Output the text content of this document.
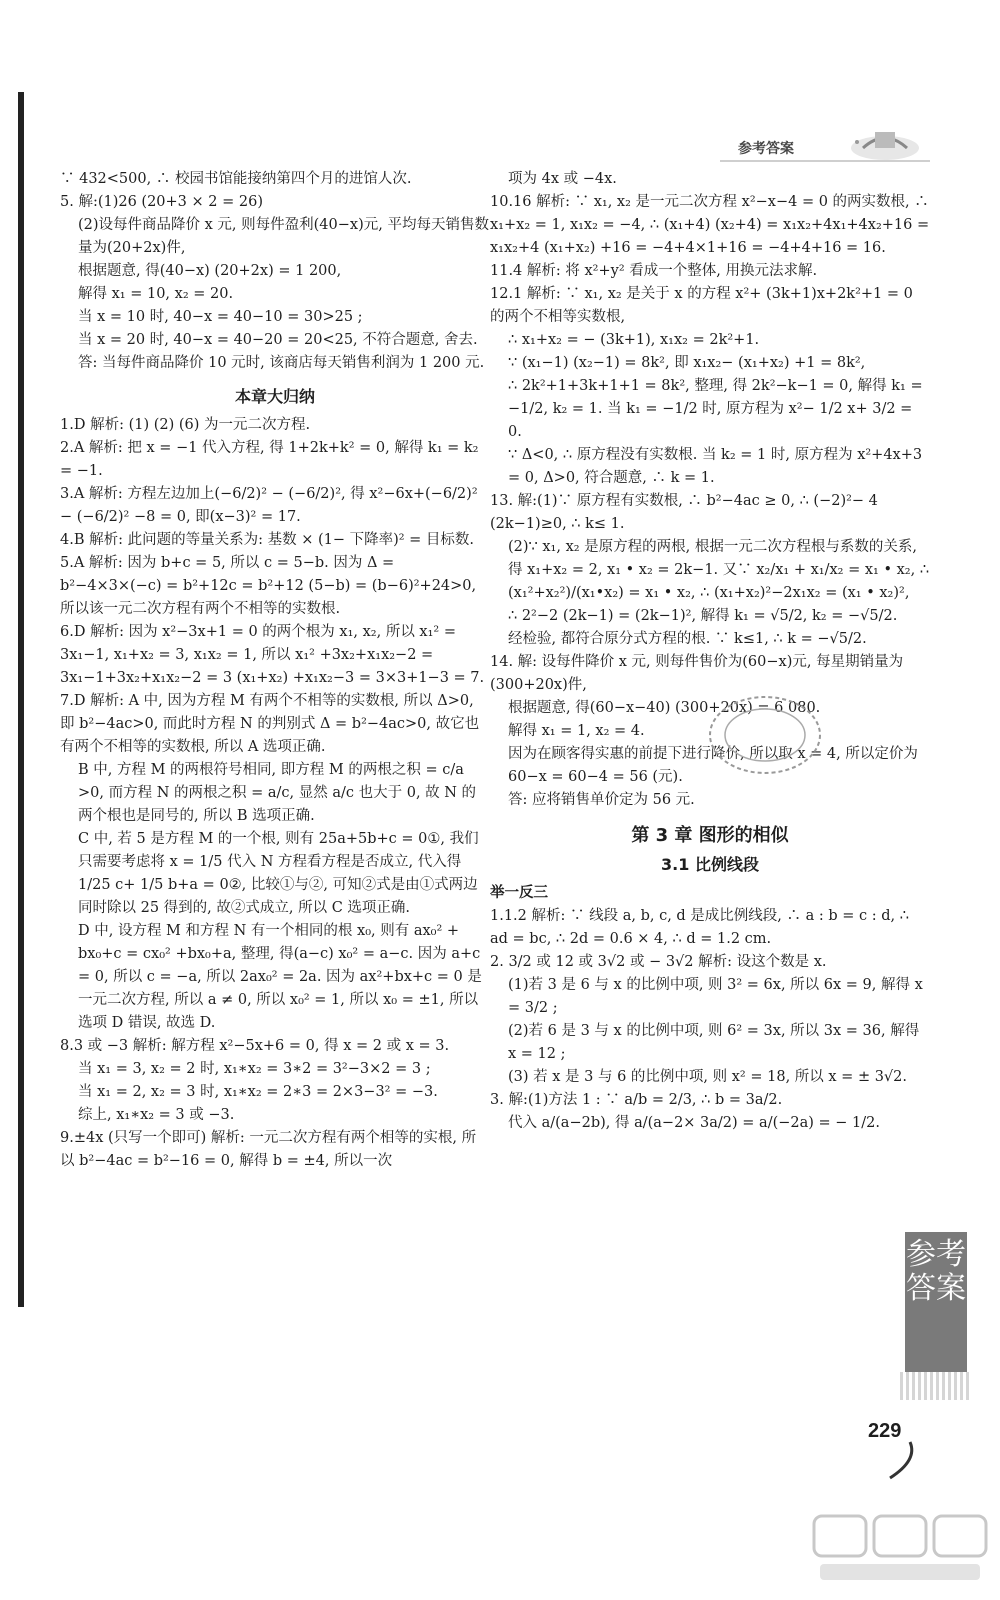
参考答案

∵ 432<500, ∴ 校园书馆能接纳第四个月的进馆人次.

5. 解:(1)26 (20+3 × 2 = 26)

(2)设每件商品降价 x 元, 则每件盈利(40−x)元, 平均每天销售数量为(20+2x)件,

根据题意, 得(40−x) (20+2x) = 1 200,

解得 x₁ = 10, x₂ = 20.

当 x = 10 时, 40−x = 40−10 = 30>25 ;

当 x = 20 时, 40−x = 40−20 = 20<25, 不符合题意, 舍去.

答: 当每件商品降价 10 元时, 该商店每天销售利润为 1 200 元.

本章大归纳

1.D 解析: (1) (2) (6) 为一元二次方程.

2.A 解析: 把 x = −1 代入方程, 得 1+2k+k² = 0, 解得 k₁ = k₂ = −1.

3.A 解析: 方程左边加上(−6/2)² − (−6/2)², 得 x²−6x+(−6/2)² − (−6/2)² −8 = 0, 即(x−3)² = 17.

4.B 解析: 此问题的等量关系为: 基数 × (1− 下降率)² = 目标数.

5.A 解析: 因为 b+c = 5, 所以 c = 5−b. 因为 Δ = b²−4×3×(−c) = b²+12c = b²+12 (5−b) = (b−6)²+24>0, 所以该一元二次方程有两个不相等的实数根.

6.D 解析: 因为 x²−3x+1 = 0 的两个根为 x₁, x₂, 所以 x₁² = 3x₁−1, x₁+x₂ = 3, x₁x₂ = 1, 所以 x₁² +3x₂+x₁x₂−2 = 3x₁−1+3x₂+x₁x₂−2 = 3 (x₁+x₂) +x₁x₂−3 = 3×3+1−3 = 7.

7.D 解析: A 中, 因为方程 M 有两个不相等的实数根, 所以 Δ>0, 即 b²−4ac>0, 而此时方程 N 的判别式 Δ = b²−4ac>0, 故它也有两个不相等的实数根, 所以 A 选项正确.

B 中, 方程 M 的两根符号相同, 即方程 M 的两根之积 = c/a >0, 而方程 N 的两根之积 = a/c, 显然 a/c 也大于 0, 故 N 的两个根也是同号的, 所以 B 选项正确.

C 中, 若 5 是方程 M 的一个根, 则有 25a+5b+c = 0①, 我们只需要考虑将 x = 1/5 代入 N 方程看方程是否成立, 代入得 1/25 c+ 1/5 b+a = 0②, 比较①与②, 可知②式是由①式两边同时除以 25 得到的, 故②式成立, 所以 C 选项正确.

D 中, 设方程 M 和方程 N 有一个相同的根 x₀, 则有 ax₀² + bx₀+c = cx₀² +bx₀+a, 整理, 得(a−c) x₀² = a−c. 因为 a+c = 0, 所以 c = −a, 所以 2ax₀² = 2a. 因为 ax²+bx+c = 0 是一元二次方程, 所以 a ≠ 0, 所以 x₀² = 1, 所以 x₀ = ±1, 所以选项 D 错误, 故选 D.

8.3 或 −3 解析: 解方程 x²−5x+6 = 0, 得 x = 2 或 x = 3.

当 x₁ = 3, x₂ = 2 时, x₁∗x₂ = 3∗2 = 3²−3×2 = 3 ;

当 x₁ = 2, x₂ = 3 时, x₁∗x₂ = 2∗3 = 2×3−3² = −3.

综上, x₁∗x₂ = 3 或 −3.

9.±4x (只写一个即可) 解析: 一元二次方程有两个相等的实根, 所以 b²−4ac = b²−16 = 0, 解得 b = ±4, 所以一次

项为 4x 或 −4x.

10.16 解析: ∵ x₁, x₂ 是一元二次方程 x²−x−4 = 0 的两实数根, ∴ x₁+x₂ = 1, x₁x₂ = −4, ∴ (x₁+4) (x₂+4) = x₁x₂+4x₁+4x₂+16 = x₁x₂+4 (x₁+x₂) +16 = −4+4×1+16 = −4+4+16 = 16.

11.4 解析: 将 x²+y² 看成一个整体, 用换元法求解.

12.1 解析: ∵ x₁, x₂ 是关于 x 的方程 x²+ (3k+1)x+2k²+1 = 0 的两个不相等实数根,

∴ x₁+x₂ = − (3k+1), x₁x₂ = 2k²+1.

∵ (x₁−1) (x₂−1) = 8k², 即 x₁x₂− (x₁+x₂) +1 = 8k²,

∴ 2k²+1+3k+1+1 = 8k², 整理, 得 2k²−k−1 = 0, 解得 k₁ = −1/2, k₂ = 1. 当 k₁ = −1/2 时, 原方程为 x²− 1/2 x+ 3/2 = 0.

∵ Δ<0, ∴ 原方程没有实数根. 当 k₂ = 1 时, 原方程为 x²+4x+3 = 0, Δ>0, 符合题意, ∴ k = 1.

13. 解:(1)∵ 原方程有实数根, ∴ b²−4ac ≥ 0, ∴ (−2)²− 4 (2k−1)≥0, ∴ k≤ 1.

(2)∵ x₁, x₂ 是原方程的两根, 根据一元二次方程根与系数的关系, 得 x₁+x₂ = 2, x₁ • x₂ = 2k−1. 又∵ x₂/x₁ + x₁/x₂ = x₁ • x₂, ∴ (x₁²+x₂²)/(x₁•x₂) = x₁ • x₂, ∴ (x₁+x₂)²−2x₁x₂ = (x₁ • x₂)²,

∴ 2²−2 (2k−1) = (2k−1)², 解得 k₁ = √5/2, k₂ = −√5/2.

经检验, 都符合原分式方程的根. ∵ k≤1, ∴ k = −√5/2.

14. 解: 设每件降价 x 元, 则每件售价为(60−x)元, 每星期销量为(300+20x)件,

根据题意, 得(60−x−40) (300+20x) = 6 080.

解得 x₁ = 1, x₂ = 4.

因为在顾客得实惠的前提下进行降价, 所以取 x = 4, 所以定价为 60−x = 60−4 = 56 (元).

答: 应将销售单价定为 56 元.

第 3 章 图形的相似
3.1 比例线段

举一反三

1.1.2 解析: ∵ 线段 a, b, c, d 是成比例线段, ∴ a : b = c : d, ∴ ad = bc, ∴ 2d = 0.6 × 4, ∴ d = 1.2 cm.

2. 3/2 或 12 或 3√2 或 − 3√2 解析: 设这个数是 x.

(1)若 3 是 6 与 x 的比例中项, 则 3² = 6x, 所以 6x = 9, 解得 x = 3/2 ;

(2)若 6 是 3 与 x 的比例中项, 则 6² = 3x, 所以 3x = 36, 解得 x = 12 ;

(3) 若 x 是 3 与 6 的比例中项, 则 x² = 18, 所以 x = ± 3√2.

3. 解:(1)方法 1 : ∵ a/b = 2/3, ∴ b = 3a/2.

代入 a/(a−2b), 得 a/(a−2× 3a/2) = a/(−2a) = − 1/2.

参考答案
229
